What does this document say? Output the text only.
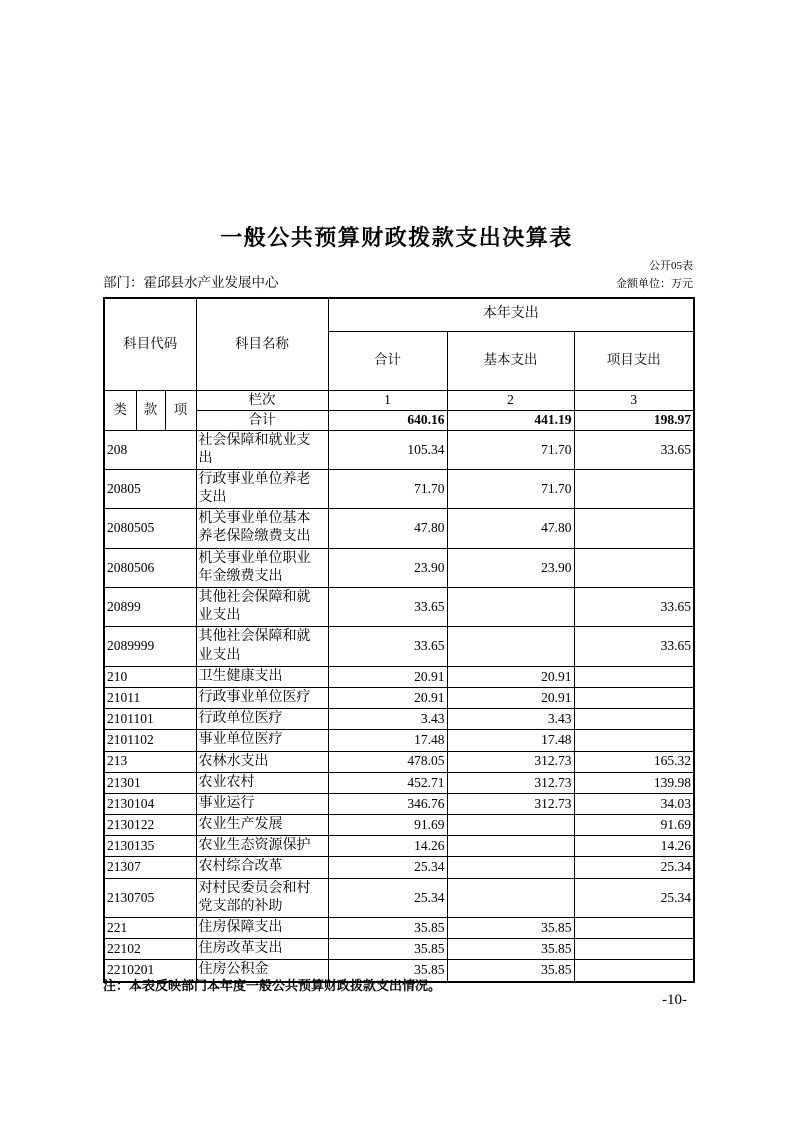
一般公共预算财政拨款支出决算表
公开05表
部门：霍邱县水产业发展中心	金额单位：万元
科目代码			科目名称	本年支出		
				合计	基本支出	项目支出
类	款	项	栏次	1	2	3
			合计	640.16	441.19	198.97
208			社会保障和就业支出	105.34	71.70	33.65
20805			行政事业单位养老支出	71.70	71.70	
2080505			机关事业单位基本养老保险缴费支出	47.80	47.80	
2080506			机关事业单位职业年金缴费支出	23.90	23.90	
20899			其他社会保障和就业支出	33.65		33.65
2089999			其他社会保障和就业支出	33.65		33.65
210			卫生健康支出	20.91	20.91	
21011			行政事业单位医疗	20.91	20.91	
2101101			行政单位医疗	3.43	3.43	
2101102			事业单位医疗	17.48	17.48	
213			农林水支出	478.05	312.73	165.32
21301			农业农村	452.71	312.73	139.98
2130104			事业运行	346.76	312.73	34.03
2130122			农业生产发展	91.69		91.69
2130135			农业生态资源保护	14.26		14.26
21307			农村综合改革	25.34		25.34
2130705			对村民委员会和村党支部的补助	25.34		25.34
221			住房保障支出	35.85	35.85	
22102			住房改革支出	35.85	35.85	
2210201			住房公积金	35.85	35.85	
注：本表反映部门本年度一般公共预算财政拨款支出情况。
-10-
